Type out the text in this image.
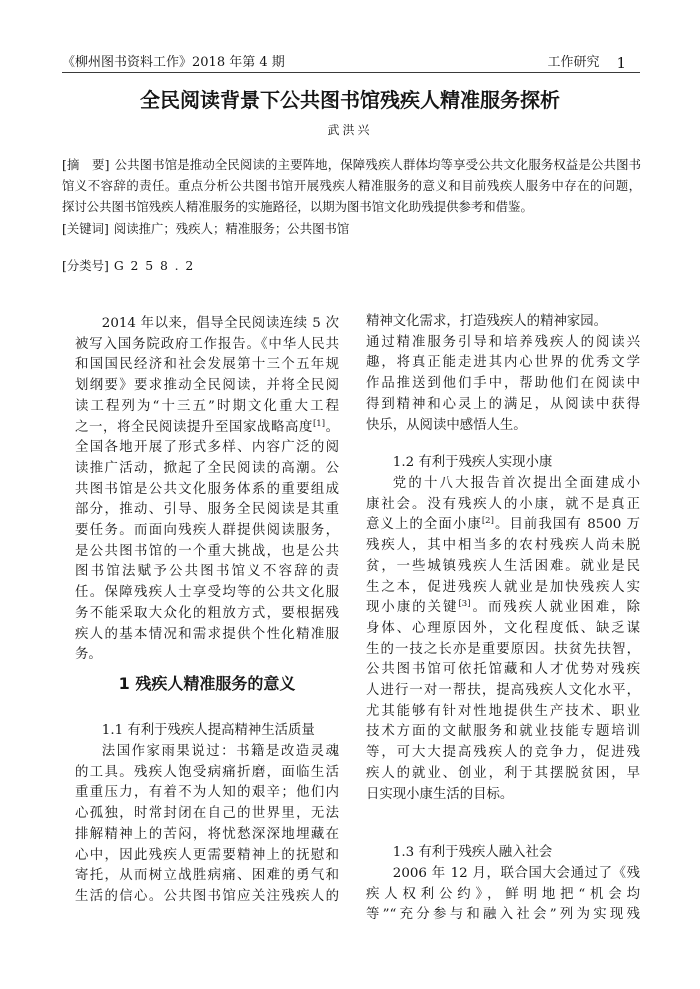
《柳州图书资料工作》2018 年第 4 期	工作研究 1
全民阅读背景下公共图书馆残疾人精准服务探析
武洪兴
[摘　要] 公共图书馆是推动全民阅读的主要阵地，保障残疾人群体均等享受公共文化服务权益是公共图书
馆义不容辞的责任。重点分析公共图书馆开展残疾人精准服务的意义和目前残疾人服务中存在的问题，
探讨公共图书馆残疾人精准服务的实施路径，以期为图书馆文化助残提供参考和借鉴。
[关键词] 阅读推广；残疾人；精准服务；公共图书馆
[分类号] G258.2
2014 年以来，倡导全民阅读连续 5 次
被写入国务院政府工作报告。《中华人民共
和国国民经济和社会发展第十三个五年规
划纲要》要求推动全民阅读，并将全民阅
读工程列为“十三五”时期文化重大工程
之一，将全民阅读提升至国家战略高度[1]。
全国各地开展了形式多样、内容广泛的阅
读推广活动，掀起了全民阅读的高潮。公
共图书馆是公共文化服务体系的重要组成
部分，推动、引导、服务全民阅读是其重
要任务。而面向残疾人群提供阅读服务，
是公共图书馆的一个重大挑战，也是公共
图书馆法赋予公共图书馆义不容辞的责
任。保障残疾人士享受均等的公共文化服
务不能采取大众化的粗放方式，要根据残
疾人的基本情况和需求提供个性化精准服
务。
1 残疾人精准服务的意义
1.1 有利于残疾人提高精神生活质量
法国作家雨果说过：书籍是改造灵魂
的工具。残疾人饱受病痛折磨，面临生活
重重压力，有着不为人知的艰辛；他们内
心孤独，时常封闭在自己的世界里，无法
排解精神上的苦闷，将忧愁深深地埋藏在
心中，因此残疾人更需要精神上的抚慰和
寄托，从而树立战胜病痛、困难的勇气和
生活的信心。公共图书馆应关注残疾人的
精神文化需求，打造残疾人的精神家园。
通过精准服务引导和培养残疾人的阅读兴
趣，将真正能走进其内心世界的优秀文学
作品推送到他们手中，帮助他们在阅读中
得到精神和心灵上的满足，从阅读中获得
快乐，从阅读中感悟人生。
1.2 有利于残疾人实现小康
党的十八大报告首次提出全面建成小
康社会。没有残疾人的小康，就不是真正
意义上的全面小康[2]。目前我国有 8500 万
残疾人，其中相当多的农村残疾人尚未脱
贫，一些城镇残疾人生活困难。就业是民
生之本，促进残疾人就业是加快残疾人实
现小康的关键[3]。而残疾人就业困难，除
身体、心理原因外，文化程度低、缺乏谋
生的一技之长亦是重要原因。扶贫先扶智，
公共图书馆可依托馆藏和人才优势对残疾
人进行一对一帮扶，提高残疾人文化水平，
尤其能够有针对性地提供生产技术、职业
技术方面的文献服务和就业技能专题培训
等，可大大提高残疾人的竞争力，促进残
疾人的就业、创业，利于其摆脱贫困，早
日实现小康生活的目标。
1.3 有利于残疾人融入社会
2006 年 12 月，联合国大会通过了《残
疾人权利公约》，鲜明地把“机会均
等”“充分参与和融入社会”列为实现残
